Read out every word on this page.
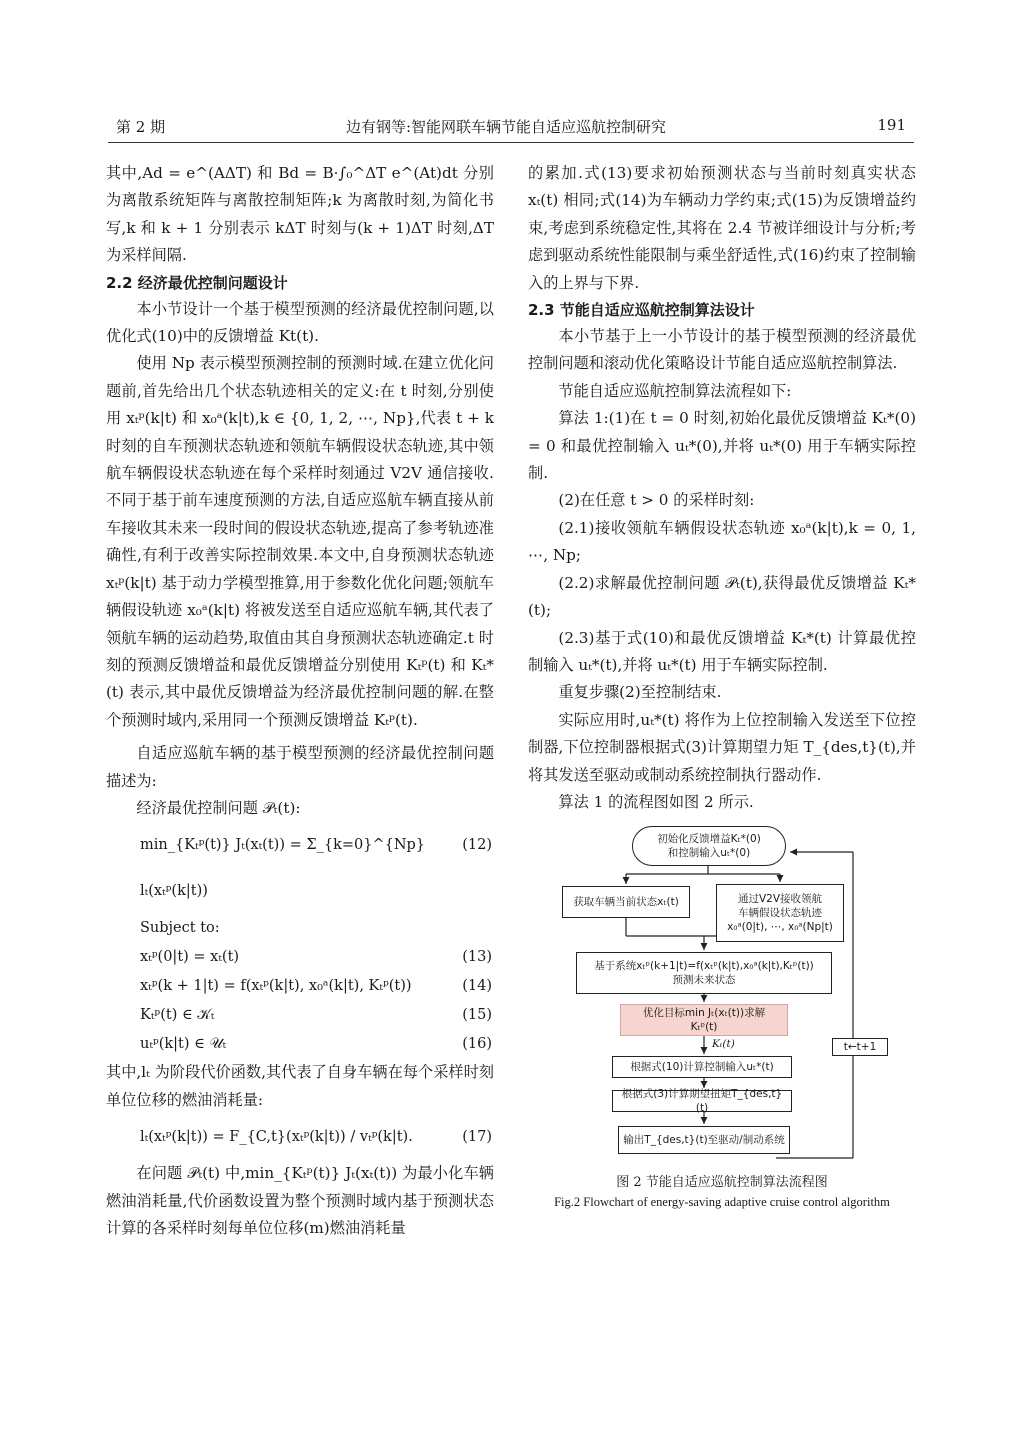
第 2 期	边有钢等:智能网联车辆节能自适应巡航控制研究	191

其中,Ad = e^(AΔT) 和 Bd = B·∫₀^ΔT e^(At)dt 分别为离散系统矩阵与离散控制矩阵;k 为离散时刻,为简化书写,k 和 k + 1 分别表示 kΔT 时刻与(k + 1)ΔT 时刻,ΔT 为采样间隔.

2.2 经济最优控制问题设计

本小节设计一个基于模型预测的经济最优控制问题,以优化式(10)中的反馈增益 Kt(t).

使用 Np 表示模型预测控制的预测时域.在建立优化问题前,首先给出几个状态轨迹相关的定义:在 t 时刻,分别使用 xₜᵖ(k|t) 和 x₀ᵃ(k|t),k ∈ {0, 1, 2, ⋯, Np},代表 t + k 时刻的自车预测状态轨迹和领航车辆假设状态轨迹,其中领航车辆假设状态轨迹在每个采样时刻通过 V2V 通信接收.不同于基于前车速度预测的方法,自适应巡航车辆直接从前车接收其未来一段时间的假设状态轨迹,提高了参考轨迹准确性,有利于改善实际控制效果.本文中,自身预测状态轨迹 xₜᵖ(k|t) 基于动力学模型推算,用于参数化优化问题;领航车辆假设轨迹 x₀ᵃ(k|t) 将被发送至自适应巡航车辆,其代表了领航车辆的运动趋势,取值由其自身预测状态轨迹确定.t 时刻的预测反馈增益和最优反馈增益分别使用 Kₜᵖ(t) 和 Kₜ*(t) 表示,其中最优反馈增益为经济最优控制问题的解.在整个预测时域内,采用同一个预测反馈增益 Kₜᵖ(t).

自适应巡航车辆的基于模型预测的经济最优控制问题描述为:

经济最优控制问题 𝒫ₜ(t):

min_{Kₜᵖ(t)} Jₜ(xₜ(t)) = Σ_{k=0}^{Np} lₜ(xₜᵖ(k|t))
(12)
Subject to:
xₜᵖ(0|t) = xₜ(t)	(13)
xₜᵖ(k + 1|t) = f(xₜᵖ(k|t), x₀ᵃ(k|t), Kₜᵖ(t))	(14)
Kₜᵖ(t) ∈ 𝒦ₜ	(15)
uₜᵖ(k|t) ∈ 𝒰ₜ	(16)

其中,lₜ 为阶段代价函数,其代表了自身车辆在每个采样时刻单位位移的燃油消耗量:

lₜ(xₜᵖ(k|t)) = F_{C,t}(xₜᵖ(k|t)) / vₜᵖ(k|t).	(17)

在问题 𝒫ₜ(t) 中,min_{Kₜᵖ(t)} Jₜ(xₜ(t)) 为最小化车辆燃油消耗量,代价函数设置为整个预测时域内基于预测状态计算的各采样时刻每单位位移(m)燃油消耗量

的累加.式(13)要求初始预测状态与当前时刻真实状态 xₜ(t) 相同;式(14)为车辆动力学约束;式(15)为反馈增益约束,考虑到系统稳定性,其将在 2.4 节被详细设计与分析;考虑到驱动系统性能限制与乘坐舒适性,式(16)约束了控制输入的上界与下界.

2.3 节能自适应巡航控制算法设计

本小节基于上一小节设计的基于模型预测的经济最优控制问题和滚动优化策略设计节能自适应巡航控制算法.

节能自适应巡航控制算法流程如下:

算法 1:(1)在 t = 0 时刻,初始化最优反馈增益 Kₜ*(0) = 0 和最优控制输入 uₜ*(0),并将 uₜ*(0) 用于车辆实际控制.

(2)在任意 t > 0 的采样时刻:

(2.1)接收领航车辆假设状态轨迹 x₀ᵃ(k|t),k = 0, 1, ⋯, Np;

(2.2)求解最优控制问题 𝒫ₜ(t),获得最优反馈增益 Kₜ*(t);

(2.3)基于式(10)和最优反馈增益 Kₜ*(t) 计算最优控制输入 uₜ*(t),并将 uₜ*(t) 用于车辆实际控制.

重复步骤(2)至控制结束.

实际应用时,uₜ*(t) 将作为上位控制输入发送至下位控制器,下位控制器根据式(3)计算期望力矩 T_{des,t}(t),并将其发送至驱动或制动系统控制执行器动作.

算法 1 的流程图如图 2 所示.

初始化反馈增益Kₜ*(0)
和控制输入uₜ*(0)
获取车辆当前状态xₜ(t)	通过V2V接收领航
车辆假设状态轨迹
x₀ᵃ(0|t), ⋯, x₀ᵃ(Np|t)
基于系统xₜᵖ(k+1|t)=f(xₜᵖ(k|t),x₀ᵃ(k|t),Kₜᵖ(t))
预测未来状态
优化目标min Jₜ(xₜ(t))求解
Kₜᵖ(t)
Kₜ(t)
根据式(10)计算控制输入uₜ*(t)
根据式(3)计算期望扭矩T_{des,t}(t)
输出T_{des,t}(t)至驱动/制动系统
t←t+1
图 2 节能自适应巡航控制算法流程图
Fig.2 Flowchart of energy-saving adaptive cruise control algorithm
